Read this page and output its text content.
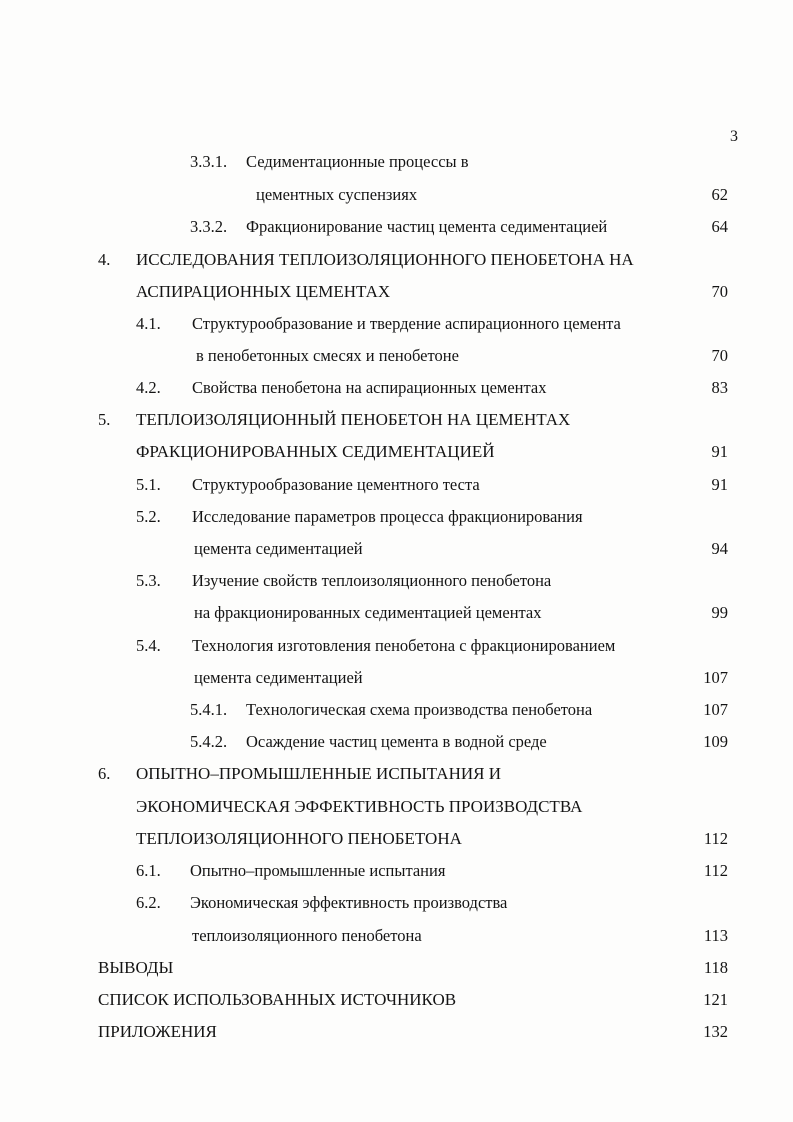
3
3.3.1. Седиментационные процессы в
цементных суспензиях	62
3.3.2. Фракционирование частиц цемента седиментацией	64
4. ИССЛЕДОВАНИЯ ТЕПЛОИЗОЛЯЦИОННОГО ПЕНОБЕТОНА НА
АСПИРАЦИОННЫХ ЦЕМЕНТАХ	70
4.1. Структурообразование и твердение аспирационного цемента
в пенобетонных смесях и пенобетоне	70
4.2. Свойства пенобетона на аспирационных цементах	83
5. ТЕПЛОИЗОЛЯЦИОННЫЙ ПЕНОБЕТОН НА ЦЕМЕНТАХ
ФРАКЦИОНИРОВАННЫХ СЕДИМЕНТАЦИЕЙ	91
5.1. Структурообразование цементного теста	91
5.2. Исследование параметров процесса фракционирования
цемента седиментацией	94
5.3. Изучение свойств теплоизоляционного пенобетона
на фракционированных седиментацией цементах	99
5.4. Технология изготовления пенобетона с фракционированием
цемента седиментацией	107
5.4.1. Технологическая схема производства пенобетона	107
5.4.2. Осаждение частиц цемента в водной среде	109
6. ОПЫТНО–ПРОМЫШЛЕННЫЕ ИСПЫТАНИЯ И
ЭКОНОМИЧЕСКАЯ ЭФФЕКТИВНОСТЬ ПРОИЗВОДСТВА
ТЕПЛОИЗОЛЯЦИОННОГО ПЕНОБЕТОНА	112
6.1. Опытно–промышленные испытания	112
6.2. Экономическая эффективность производства
теплоизоляционного пенобетона	113
ВЫВОДЫ	118
СПИСОК ИСПОЛЬЗОВАННЫХ ИСТОЧНИКОВ	121
ПРИЛОЖЕНИЯ	132
